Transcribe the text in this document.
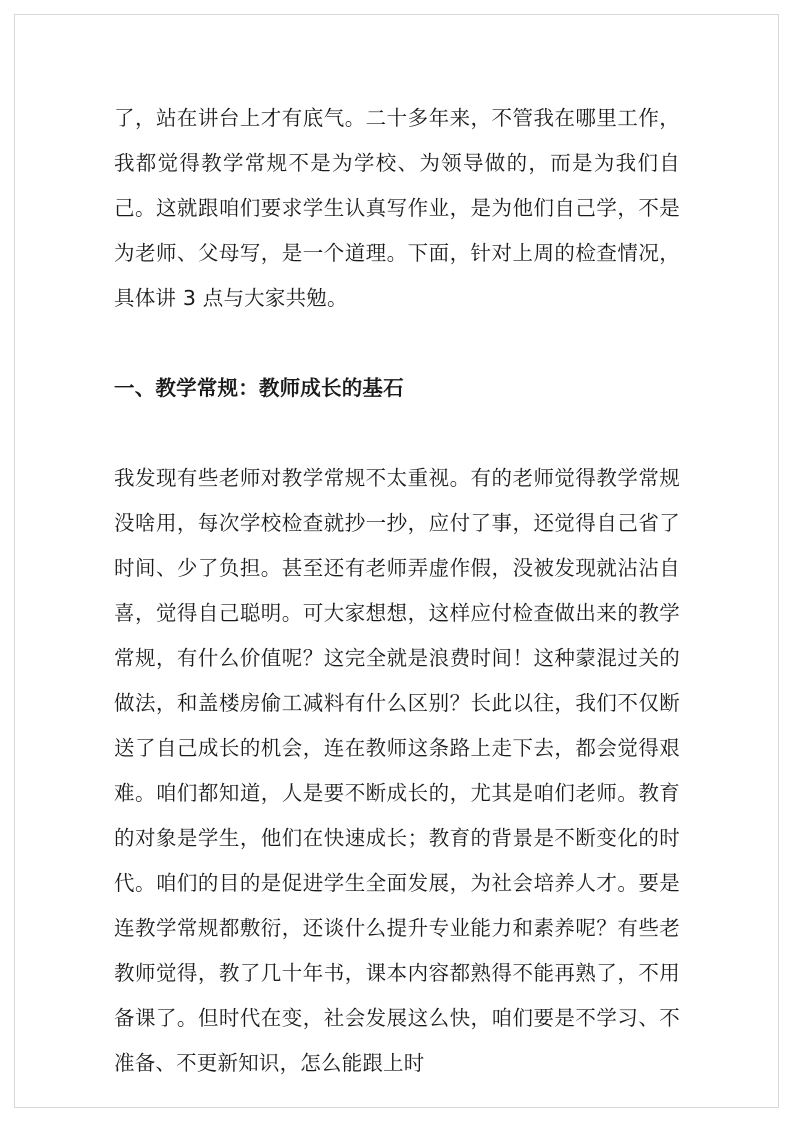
了，站在讲台上才有底气。二十多年来，不管我在哪里工作，我都觉得教学常规不是为学校、为领导做的，而是为我们自己。这就跟咱们要求学生认真写作业，是为他们自己学，不是为老师、父母写，是一个道理。下面，针对上周的检查情况，具体讲 3 点与大家共勉。

一、教学常规：教师成长的基石

我发现有些老师对教学常规不太重视。有的老师觉得教学常规没啥用，每次学校检查就抄一抄，应付了事，还觉得自己省了时间、少了负担。甚至还有老师弄虚作假，没被发现就沾沾自喜，觉得自己聪明。可大家想想，这样应付检查做出来的教学常规，有什么价值呢？这完全就是浪费时间！这种蒙混过关的做法，和盖楼房偷工减料有什么区别？长此以往，我们不仅断送了自己成长的机会，连在教师这条路上走下去，都会觉得艰难。咱们都知道，人是要不断成长的，尤其是咱们老师。教育的对象是学生，他们在快速成长；教育的背景是不断变化的时代。咱们的目的是促进学生全面发展，为社会培养人才。要是连教学常规都敷衍，还谈什么提升专业能力和素养呢？有些老教师觉得，教了几十年书，课本内容都熟得不能再熟了，不用备课了。但时代在变，社会发展这么快，咱们要是不学习、不准备、不更新知识，怎么能跟上时
